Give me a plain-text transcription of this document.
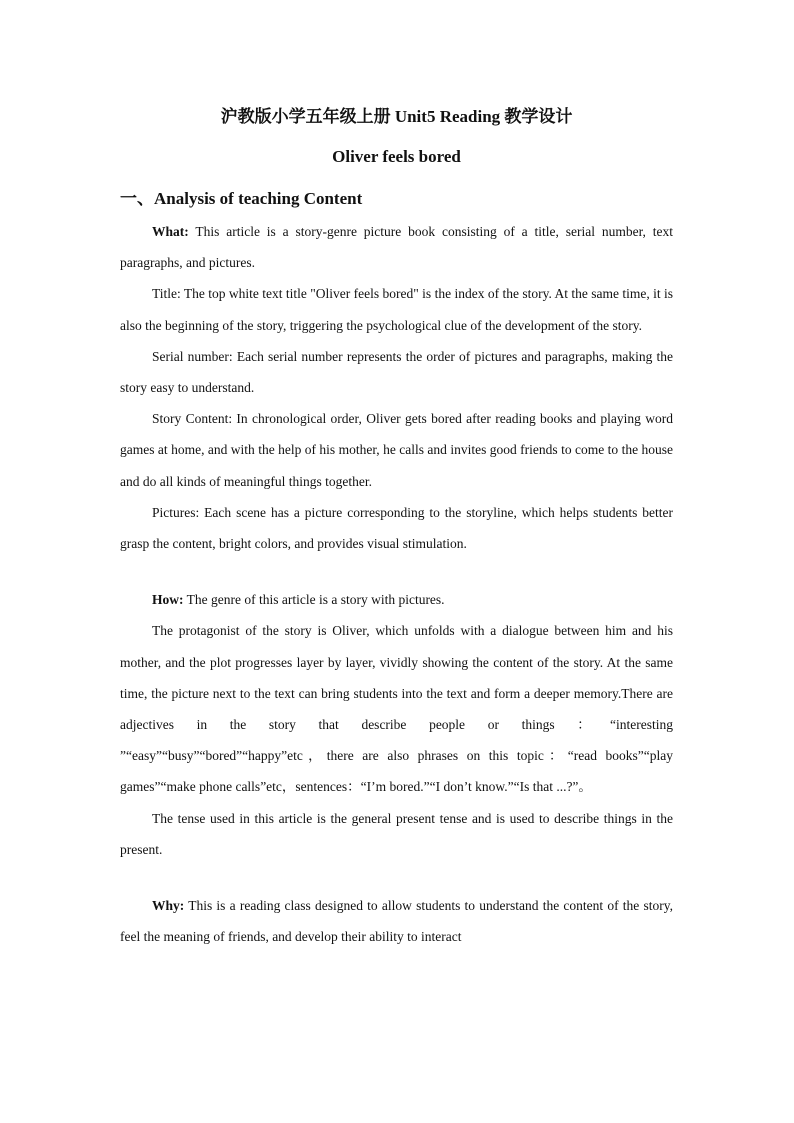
沪教版小学五年级上册 Unit5 Reading 教学设计
Oliver feels bored
一、Analysis of teaching Content

What: This article is a story-genre picture book consisting of a title, serial number, text paragraphs, and pictures.

Title: The top white text title "Oliver feels bored" is the index of the story. At the same time, it is also the beginning of the story, triggering the psychological clue of the development of the story.

Serial number: Each serial number represents the order of pictures and paragraphs, making the story easy to understand.

Story Content: In chronological order, Oliver gets bored after reading books and playing word games at home, and with the help of his mother, he calls and invites good friends to come to the house and do all kinds of meaningful things together.

Pictures: Each scene has a picture corresponding to the storyline, which helps students better grasp the content, bright colors, and provides visual stimulation.

How: The genre of this article is a story with pictures.

The protagonist of the story is Oliver, which unfolds with a dialogue between him and his mother, and the plot progresses layer by layer, vividly showing the content of the story. At the same time, the picture next to the text can bring students into the text and form a deeper memory.There are adjectives in the story that describe people or things ：“interesting ”“easy”“busy”“bored”“happy”etc，there are also phrases on this topic：“read books”“play games”“make phone calls”etc，sentences：“I’m bored.”“I don’t know.”“Is that ...?”。

The tense used in this article is the general present tense and is used to describe things in the present.

Why: This is a reading class designed to allow students to understand the content of the story, feel the meaning of friends, and develop their ability to interact
